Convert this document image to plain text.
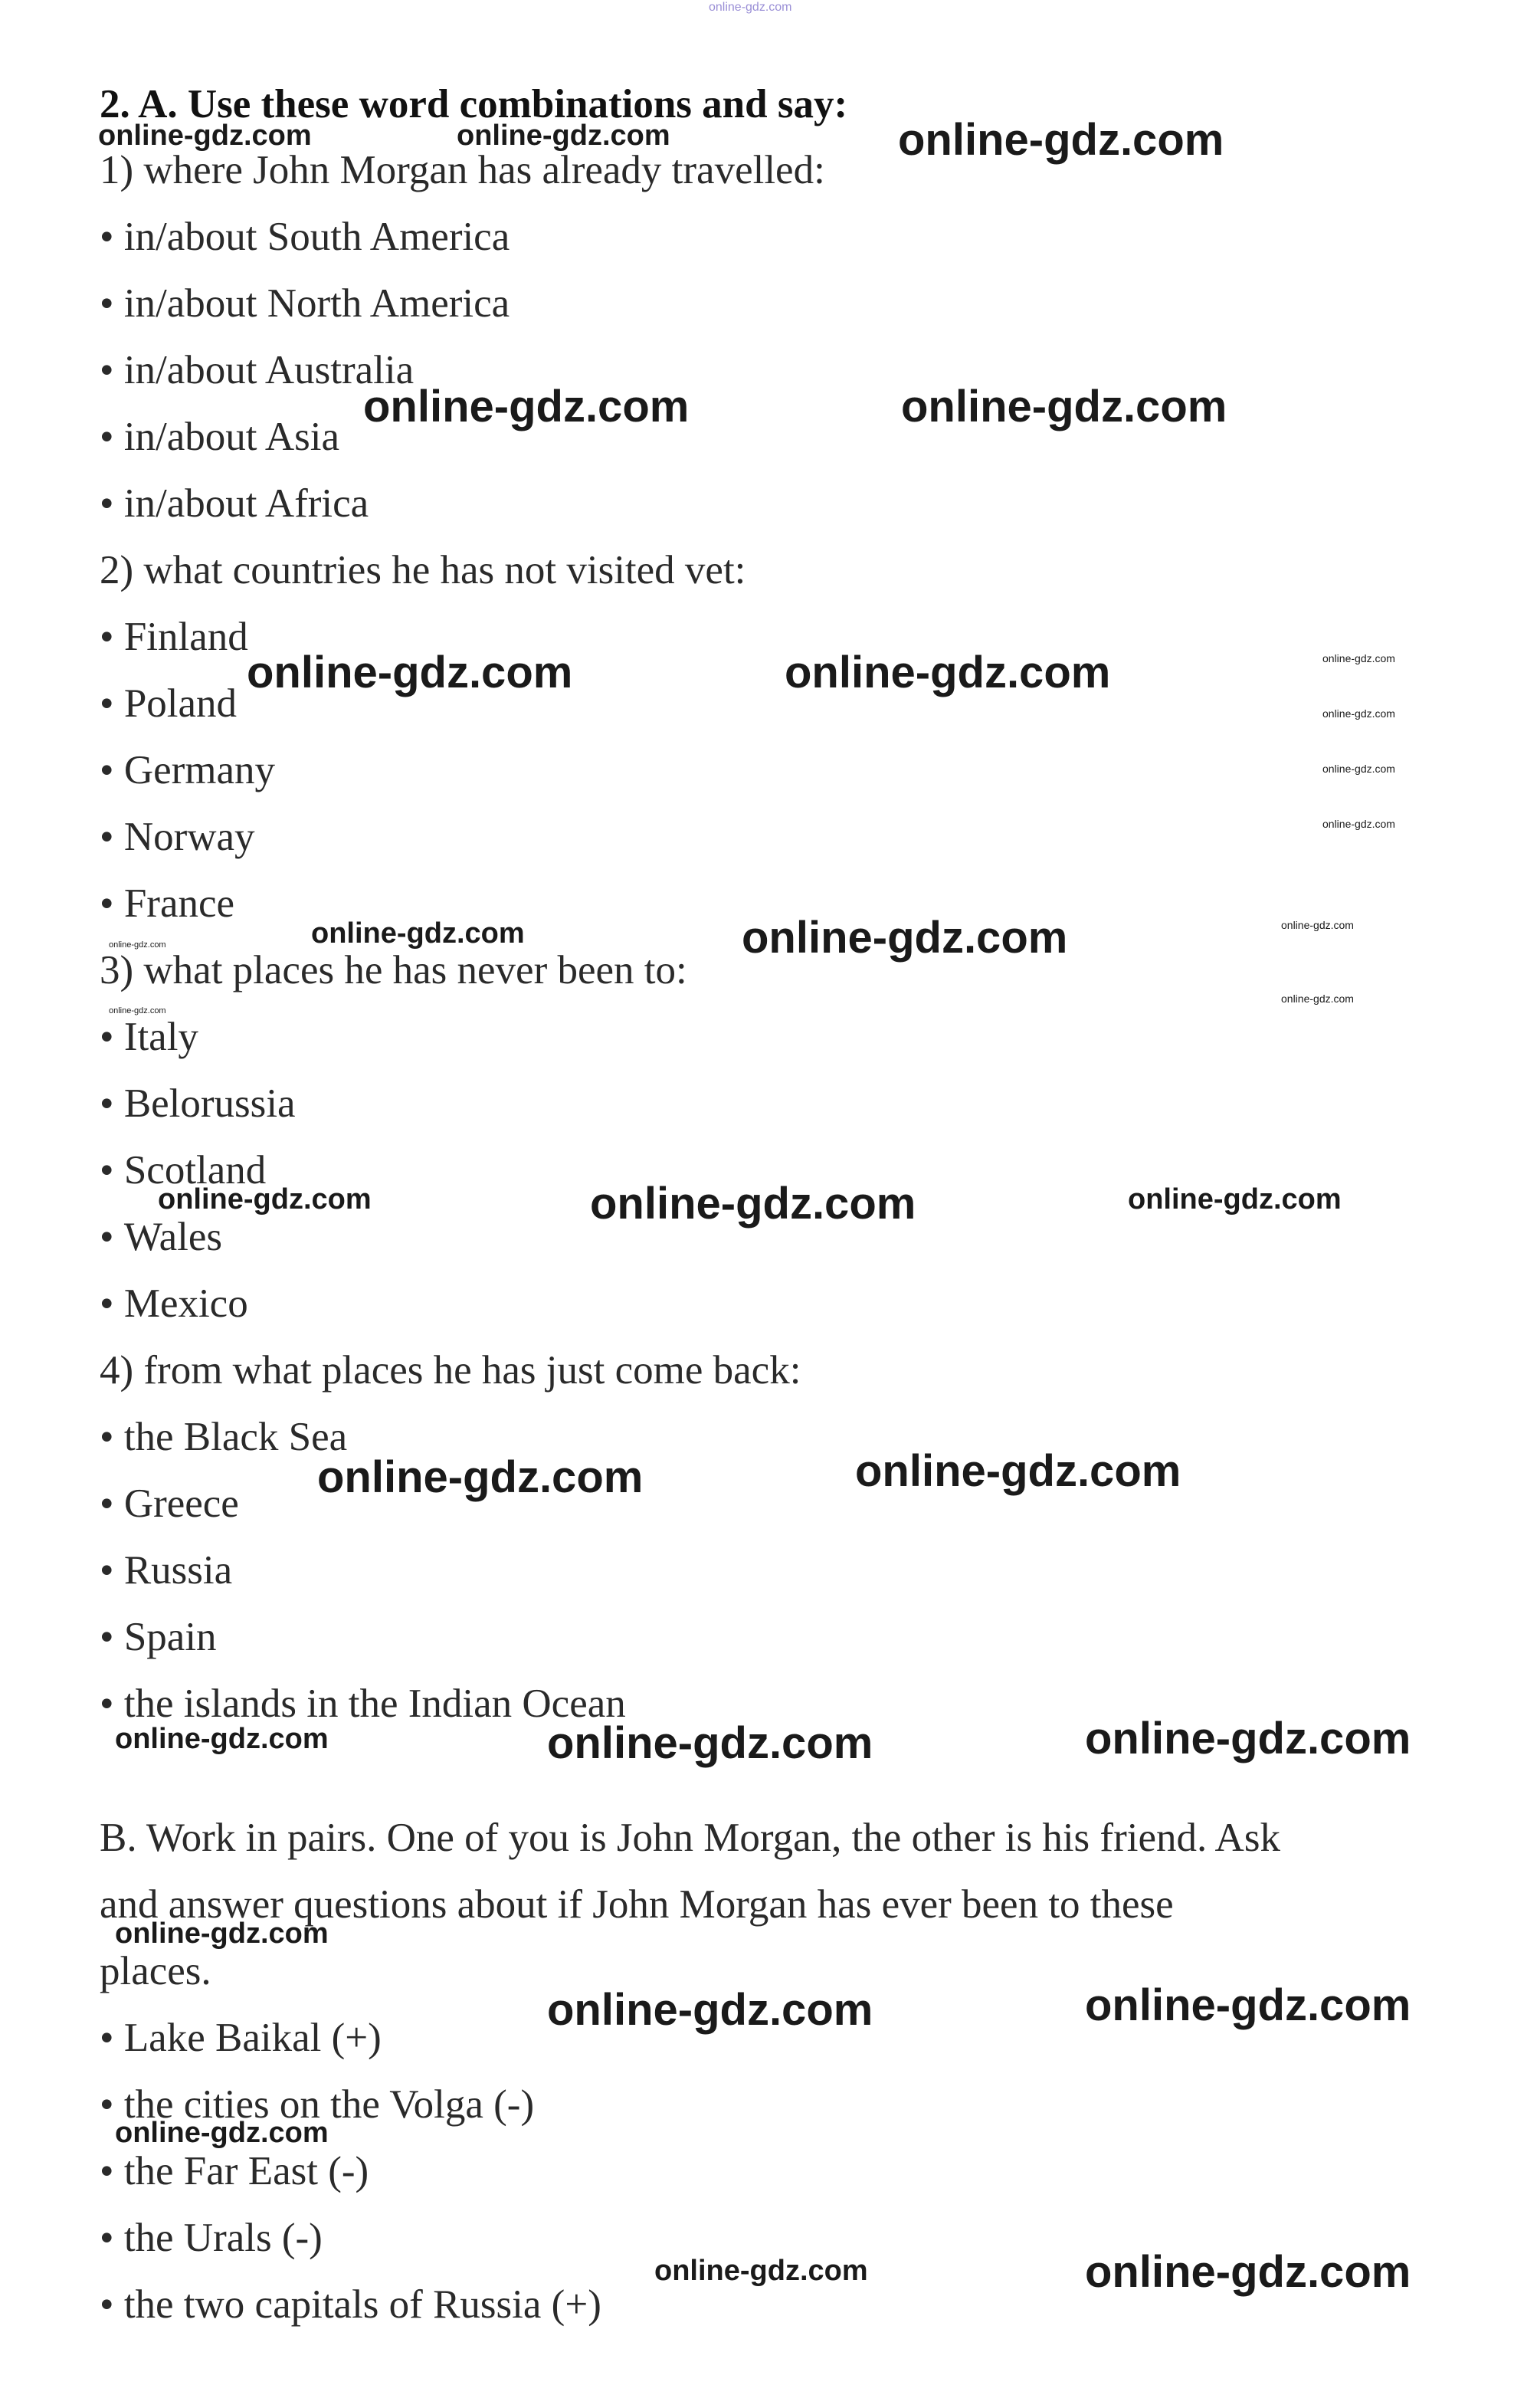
online-gdz.com
2. A. Use these word combinations and say:
1) where John Morgan has already travelled:
• in/about South America
• in/about North America
• in/about Australia
• in/about Asia
• in/about Africa
2) what countries he has not visited vet:
• Finland
• Poland
• Germany
• Norway
• France
3) what places he has never been to:
• Italy
• Belorussia
• Scotland
• Wales
• Mexico
4) from what places he has just come back:
• the Black Sea
• Greece
• Russia
• Spain
• the islands in the Indian Ocean
B. Work in pairs. One of you is John Morgan, the other is his friend. Ask
and answer questions about if John Morgan has ever been to these
places.
• Lake Baikal (+)
• the cities on the Volga (-)
• the Far East (-)
• the Urals (-)
• the two capitals of Russia (+)
online-gdz.com	online-gdz.com	online-gdz.com
online-gdz.com	online-gdz.com
online-gdz.com	online-gdz.com	online-gdz.com
online-gdz.com
online-gdz.com
online-gdz.com
online-gdz.com	online-gdz.com	online-gdz.com
online-gdz.com
online-gdz.com
online-gdz.com
online-gdz.com	online-gdz.com	online-gdz.com
online-gdz.com	online-gdz.com
online-gdz.com	online-gdz.com	online-gdz.com
online-gdz.com
online-gdz.com	online-gdz.com
online-gdz.com
online-gdz.com	online-gdz.com
